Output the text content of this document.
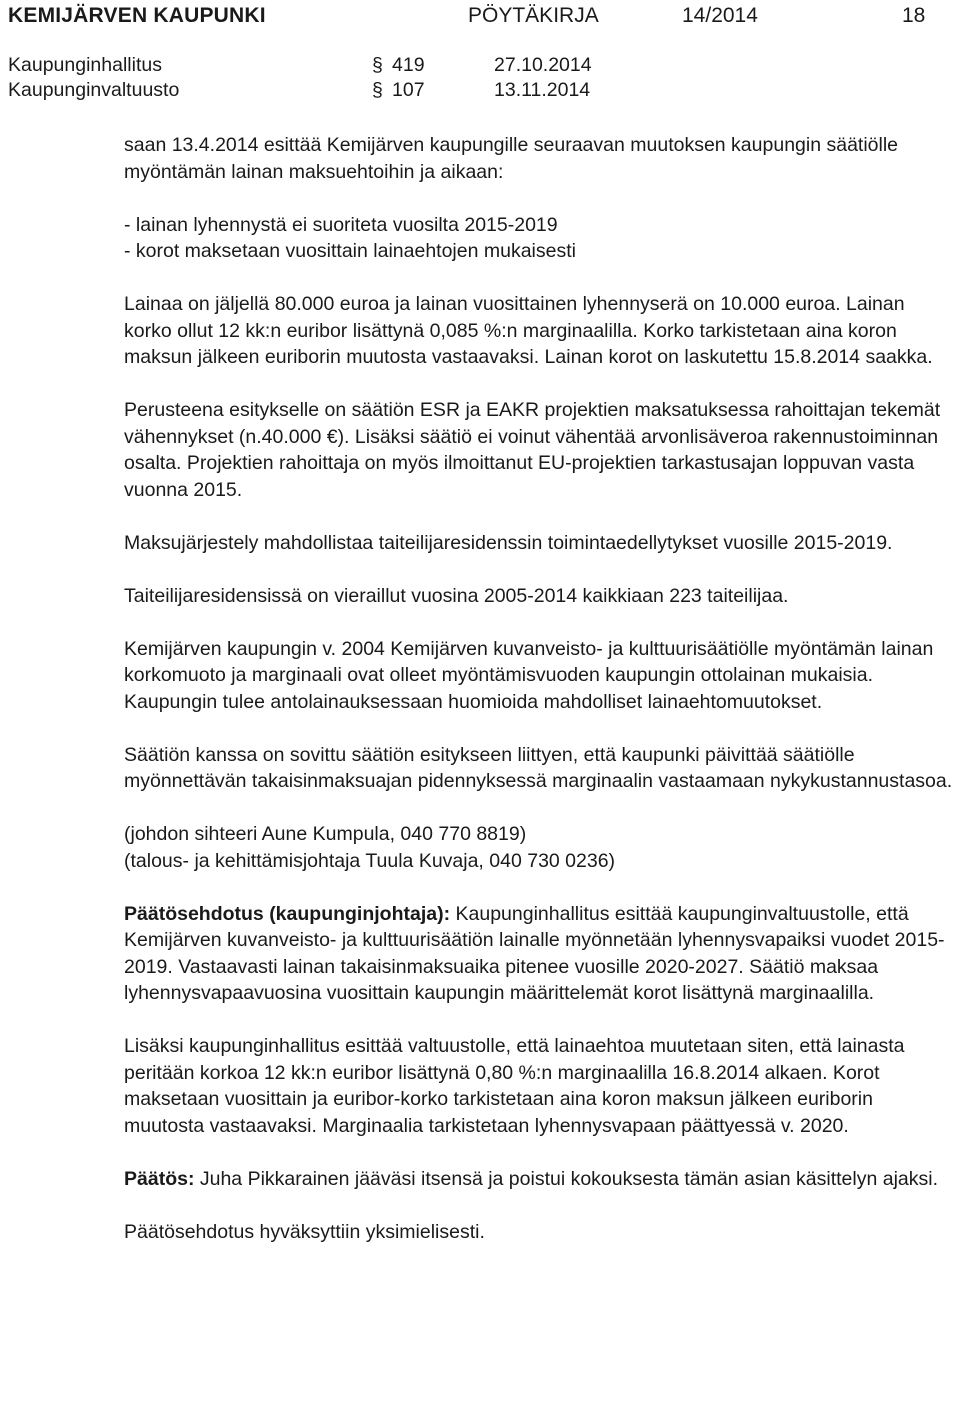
KEMIJÄRVEN KAUPUNKI	PÖYTÄKIRJA	14/2014	18
Kaupunginhallitus	§ 419	27.10.2014
Kaupunginvaltuusto	§ 107	13.11.2014

saan 13.4.2014 esittää Kemijärven kaupungille seuraavan muutoksen kaupungin säätiölle myöntämän lainan maksuehtoihin ja aikaan:

- lainan lyhennystä ei suoriteta vuosilta 2015-2019

- korot maksetaan vuosittain lainaehtojen mukaisesti

Lainaa on jäljellä 80.000 euroa ja lainan vuosittainen lyhennyserä on 10.000 euroa. Lainan korko ollut 12 kk:n euribor lisättynä 0,085 %:n marginaalilla. Korko tarkistetaan aina koron maksun jälkeen euriborin muutosta vastaavaksi. Lainan korot on laskutettu 15.8.2014 saakka.

Perusteena esitykselle on säätiön ESR ja EAKR projektien maksatuksessa rahoittajan tekemät vähennykset (n.40.000 €). Lisäksi säätiö ei voinut vähentää arvonlisäveroa rakennustoiminnan osalta. Projektien rahoittaja on myös ilmoittanut EU-projektien tarkastusajan loppuvan vasta vuonna 2015.

Maksujärjestely mahdollistaa taiteilijaresidenssin toimintaedellytykset vuosille 2015-2019.

Taiteilijaresidensissä on vieraillut vuosina 2005-2014 kaikkiaan 223 taiteilijaa.

Kemijärven kaupungin v. 2004 Kemijärven kuvanveisto- ja kulttuurisäätiölle myöntämän lainan korkomuoto ja marginaali ovat olleet myöntämisvuoden kaupungin ottolainan mukaisia. Kaupungin tulee antolainauksessaan huomioida mahdolliset lainaehtomuutokset.

Säätiön kanssa on sovittu säätiön esitykseen liittyen, että kaupunki päivittää säätiölle myönnettävän takaisinmaksuajan pidennyksessä marginaalin vastaamaan nykykustannustasoa.

(johdon sihteeri Aune Kumpula, 040 770 8819)

(talous- ja kehittämisjohtaja Tuula Kuvaja, 040 730 0236)

Päätösehdotus (kaupunginjohtaja): Kaupunginhallitus esittää kaupunginvaltuustolle, että Kemijärven kuvanveisto- ja kulttuurisäätiön lainalle myönnetään lyhennysvapaiksi vuodet 2015-2019. Vastaavasti lainan takaisinmaksuaika pitenee vuosille 2020-2027. Säätiö maksaa lyhennysvapaavuosina vuosittain kaupungin määrittelemät korot lisättynä marginaalilla.

Lisäksi kaupunginhallitus esittää valtuustolle, että lainaehtoa muutetaan siten, että lainasta peritään korkoa 12 kk:n euribor lisättynä 0,80 %:n marginaalilla 16.8.2014 alkaen. Korot maksetaan vuosittain ja euribor-korko tarkistetaan aina koron maksun jälkeen euriborin muutosta vastaavaksi. Marginaalia tarkistetaan lyhennysvapaan päättyessä v. 2020.

Päätös: Juha Pikkarainen jääväsi itsensä ja poistui kokouksesta tämän asian käsittelyn ajaksi.

Päätösehdotus hyväksyttiin yksimielisesti.
